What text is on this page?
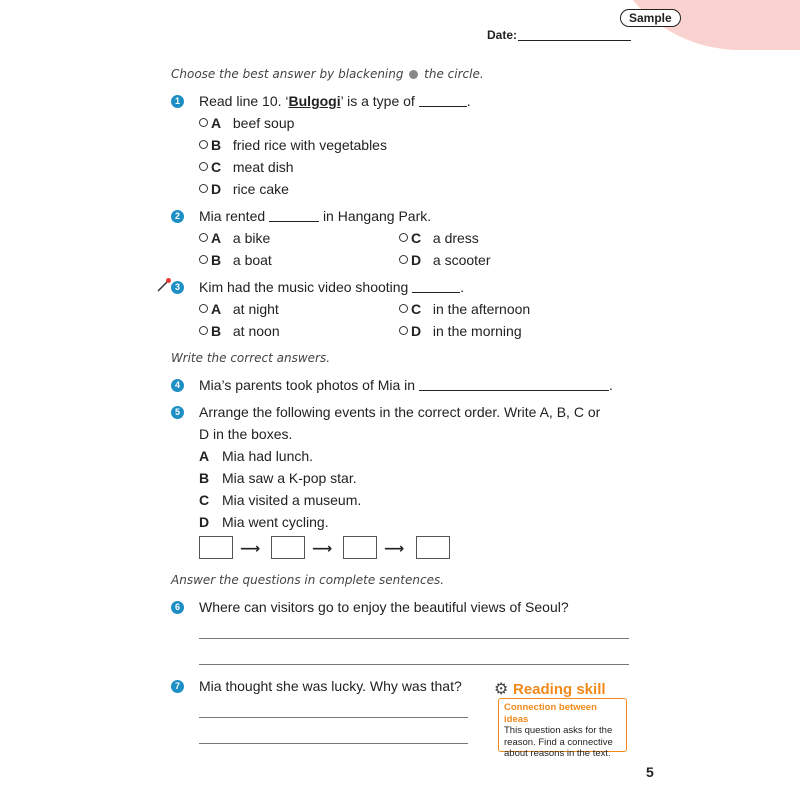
Sample
Date:
Choose the best answer by blackening the circle.
1 Read line 10. ‘Bulgogi’ is a type of	.
A beef soup
B fried rice with vegetables
C meat dish
D rice cake
2 Mia rented	in Hangang Park.
A a bike
B a boat
C a dress
D a scooter
3 Kim had the music video shooting	.
A at night
B at noon
C in the afternoon
D in the morning
Write the correct answers.
4 Mia’s parents took photos of Mia in	.
5 Arrange the following events in the correct order. Write A, B, C or
D in the boxes.
A Mia had lunch.
B Mia saw a K-pop star.
C Mia visited a museum.
D Mia went cycling.
⟶	⟶	⟶
Answer the questions in complete sentences.
6 Where can visitors go to enjoy the beautiful views of Seoul?
7 Mia thought she was lucky. Why was that? ⚙ Reading skill
Connection between ideas
This question asks for the reason. Find a connective about reasons in the text.
5
